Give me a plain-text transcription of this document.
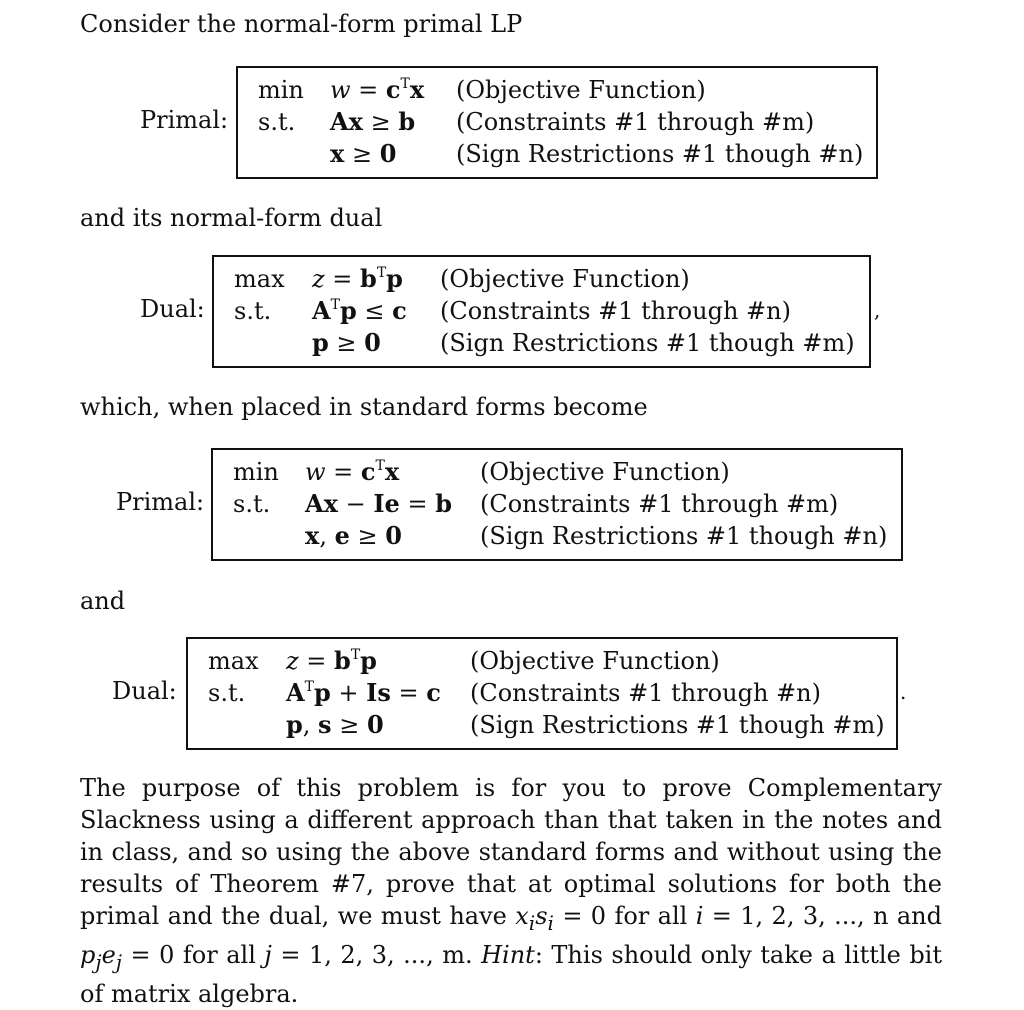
Consider the normal-form primal LP

Primal:
$\min w = c^Tx$ (Objective Function)
s.t. Ax ≥ b (Constraints #1 through #m)
x ≥ 0 (Sign Restrictions #1 though #n)

and its normal-form dual

Dual:
$\max z = b^Tp$ (Objective Function)
s.t. $A^Tp \le c$ (Constraints #1 through #n)
p ≥ 0 (Sign Restrictions #1 though #m)
,

which, when placed in standard forms become

Primal:
$\min w = c^Tx$	(Objective Function)
s.t. Ax − Ie = b (Constraints #1 through #m)
x, e ≥ 0	(Sign Restrictions #1 though #n)

and

Dual:
$\max z = b^Tp$	(Objective Function)
s.t. $A^Tp + Is = c$ (Constraints #1 through #n)
p, s ≥ 0	(Sign Restrictions #1 though #m)
.

The purpose of this problem is for you to prove Complementary Slackness using a different approach than that taken in the notes and in class, and so using the above standard forms and without using the results of Theorem #7, prove that at optimal solutions for both the primal and the dual, we must have $x_is_i = 0$ for all i = 1, 2, 3, ..., n and $p_je_j = 0$ for all j = 1, 2, 3, ..., m. Hint: This should only take a little bit of matrix algebra.
